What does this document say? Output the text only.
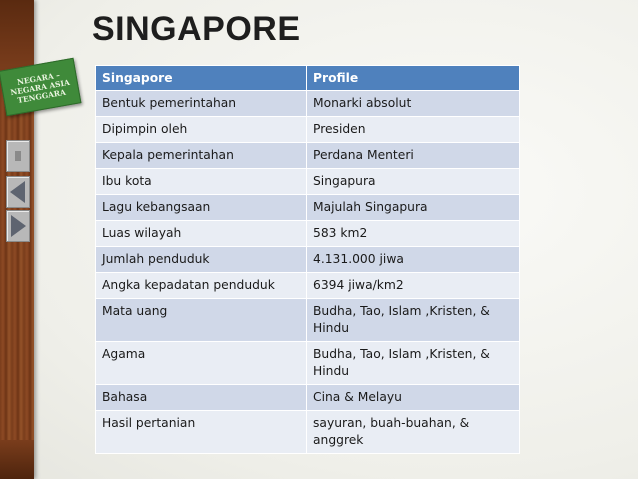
NEGARA – NEGARA ASIA TENGGARA
SINGAPORE
Singapore	Profile
Bentuk pemerintahan	Monarki absolut
Dipimpin oleh	Presiden
Kepala pemerintahan	Perdana Menteri
Ibu kota	Singapura
Lagu kebangsaan	Majulah Singapura
Luas wilayah	583 km2
Jumlah penduduk	4.131.000 jiwa
Angka kepadatan penduduk	6394 jiwa/km2
Mata uang	Budha, Tao, Islam ,Kristen, & Hindu
Agama	Budha, Tao, Islam ,Kristen, & Hindu
Bahasa	Cina & Melayu
Hasil pertanian	sayuran, buah-buahan, & anggrek
